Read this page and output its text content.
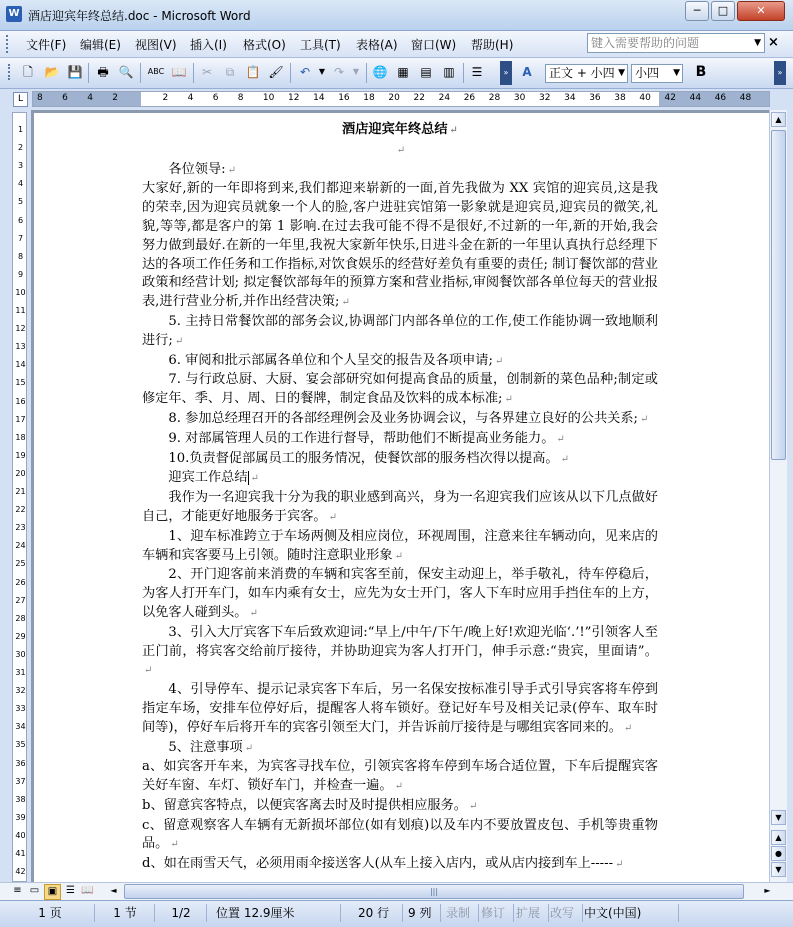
W 酒店迎宾年终总结.doc - Microsoft Word	─	□	✕
文件(F) 编辑(E) 视图(V) 插入(I) 格式(O) 工具(T) 表格(A) 窗口(W) 帮助(H)	键入需要帮助的问题	▼ ×
🗋 📂 💾 🖶 🔍 ABC 📖 ✂	⧉ 📋 🖌 ↶	▼ ↷	▼	🌐 ▦ ▤ ▥ ☰	» A	正文 + 小四 ▼ 小四 ▼ B	»
L	8 6 4 2	2 4 6 8 10 12 14 16 18 20 22 24 26 28 30 32 34 36 38 40 42 44 46 48
1
2
3
4
5
6
7
8
9
10
11
12
13
14
15
16
17
18
19
20
21
22
23
24
25
26
27
28
29
30
31
32
33
34
35
36
37
38
39
40
41
42

酒店迎宾年终总结 ↵

↵

各位领导: ↵

大家好,新的一年即将到来,我们都迎来崭新的一面,首先我做为 XX 宾馆的迎宾员,这是我的荣幸,因为迎宾员就象一个人的脸,客户进驻宾馆第一影象就是迎宾员,迎宾员的微笑,礼貌,等等,都是客户的第 1 影响.在过去我可能不得不是很好,不过新的一年,新的开始,我会努力做到最好.在新的一年里,我祝大家新年快乐,日进斗金在新的一年里认真执行总经理下达的各项工作任务和工作指标,对饮食娱乐的经营好差负有重要的责任; 制订餐饮部的营业政策和经营计划; 拟定餐饮部每年的预算方案和营业指标,审阅餐饮部各单位每天的营业报表,进行营业分析,并作出经营决策; ↵

5. 主持日常餐饮部的部务会议,协调部门内部各单位的工作,使工作能协调一致地顺利进行; ↵

6. 审阅和批示部属各单位和个人呈交的报告及各项申请; ↵

7. 与行政总厨、大厨、宴会部研究如何提高食品的质量，创制新的菜色品种;制定或修定年、季、月、周、日的餐牌，制定食品及饮料的成本标准; ↵

8. 参加总经理召开的各部经理例会及业务协调会议，与各界建立良好的公共关系; ↵

9. 对部属管理人员的工作进行督导，帮助他们不断提高业务能力。 ↵

10.负责督促部属员工的服务情况，使餐饮部的服务档次得以提高。 ↵

迎宾工作总结 ↵

我作为一名迎宾我十分为我的职业感到高兴，身为一名迎宾我们应该从以下几点做好自己，才能更好地服务于宾客。 ↵

1、迎车标准跨立于车场两侧及相应岗位，环视周围，注意来往车辆动向，见来店的车辆和宾客要马上引领。随时注意职业形象 ↵

2、开门迎客前来消费的车辆和宾客至前，保安主动迎上，举手敬礼，待车停稳后，为客人打开车门，如车内乘有女士，应先为女士开门，客人下车时应用手挡住车的上方，以免客人碰到头。 ↵

3、引入大厅宾客下车后致欢迎词:“早上/中午/下午/晚上好!欢迎光临‘.’!”引领客人至正门前，将宾客交给前厅接待，并协助迎宾为客人打开门，伸手示意:“贵宾，里面请”。↵

4、引导停车、提示记录宾客下车后，另一名保安按标准引导手式引导宾客将车停到指定车场，安排车位停好后，提醒客人将车锁好。登记好车号及相关记录(停车、取车时间等)，停好车后将开车的宾客引领至大门，并告诉前厅接待是与哪组宾客同来的。 ↵

5、注意事项 ↵

a、如宾客开车来，为宾客寻找车位，引领宾客将车停到车场合适位置，下车后提醒宾客关好车窗、车灯、锁好车门，并检查一遍。 ↵

b、留意宾客特点，以便宾客离去时及时提供相应服务。 ↵

c、留意观察客人车辆有无新损坏部位(如有划痕)以及车内不要放置皮包、手机等贵重物品。 ↵

d、如在雨雪天气，必须用雨伞接送客人(从车上接入店内，或从店内接到车上----- ↵

▲
▼
▲
●
▼
≡ ▭ ▣ ☰ 📖	◄	|||	►
1 页	1 节	1/2	位置 12.9厘米	20 行	9 列	录制 修订 扩展 改写 中文(中国)
